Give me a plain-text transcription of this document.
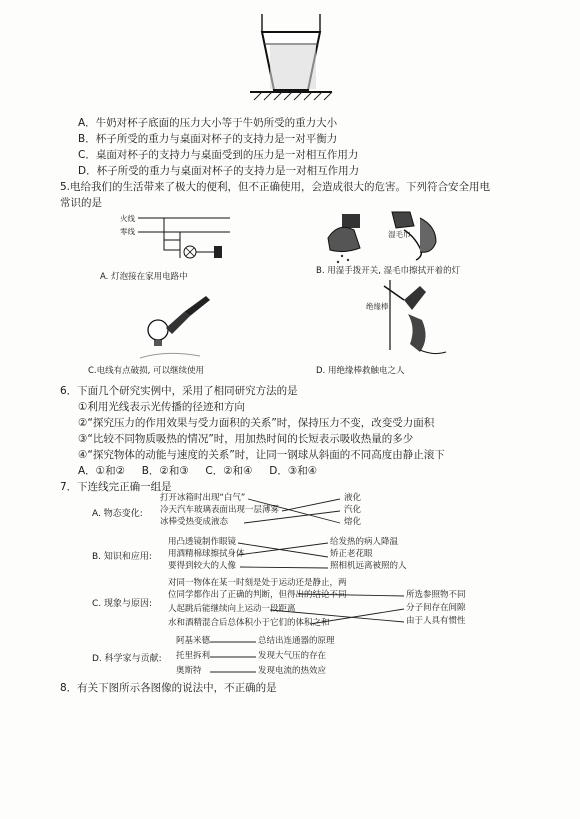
A．牛奶对杯子底面的压力大小等于牛奶所受的重力大小
B．杯子所受的重力与桌面对杯子的支持力是一对平衡力
C．桌面对杯子的支持力与桌面受到的压力是一对相互作用力
D．杯子所受的重力与桌面对杯子的支持力是一对相互作用力
5.电给我们的生活带来了极大的便利，但不正确使用，会造成很大的危害。下列符合安全用电
常识的是
火线
零线	湿毛巾
A. 灯泡接在家用电路中
B. 用湿手拨开关, 湿毛巾擦拭开着的灯
C.电线有点破损, 可以继续使用
绝缘棒
D. 用绝缘棒救触电之人
6．下面几个研究实例中，采用了相同研究方法的是
①利用光线表示光传播的径迹和方向
②“探究压力的作用效果与受力面积的关系”时，保持压力不变，改变受力面积
③“比较不同物质吸热的情况”时，用加热时间的长短表示吸收热量的多少
④“探究物体的动能与速度的关系”时，让同一钢球从斜面的不同高度由静止滚下
A．①和②     B．②和③     C．②和④     D．③和④
7．下连线完正确一组是
A. 物态变化:
打开冰箱时出现“白气”
冷天汽车玻璃表面出现一层薄雾
冰棒受热变成液态
液化
汽化
熔化
B. 知识和应用:
用凸透镜制作眼镜
用酒精棉球擦拭身体
要得到较大的人像
给发热的病人降温
矫正老花眼
照相机远离被照的人
C. 现象与原因:
对同一物体在某一时刻是处于运动还是静止，两
位同学都作出了正确的判断，但得出的结论不同
人起跳后能继续向上运动一段距离
水和酒精混合后总体积小于它们的体积之和
所选参照物不同
分子间存在间隙
由于人具有惯性
D. 科学家与贡献:
阿基米德
托里拆利
奥斯特
总结出连通器的原理
发现大气压的存在
发现电流的热效应
8．有关下图所示各图像的说法中，不正确的是
